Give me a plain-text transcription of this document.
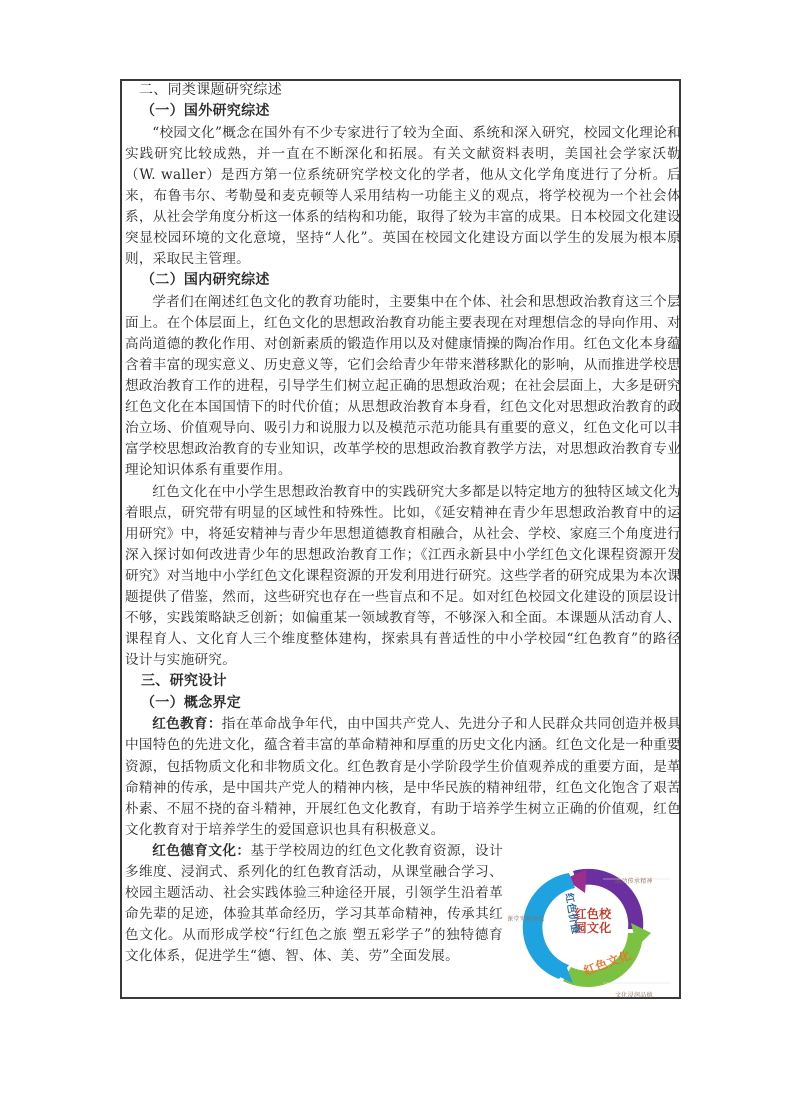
二、同类课题研究综述
（一）国外研究综述

“校园文化”概念在国外有不少专家进行了较为全面、系统和深入研究，校园文化理论和实践研究比较成熟，并一直在不断深化和拓展。有关文献资料表明，美国社会学家沃勒（W. waller）是西方第一位系统研究学校文化的学者，他从文化学角度进行了分析。后来，布鲁韦尔、考勒曼和麦克顿等人采用结构一功能主义的观点，将学校视为一个社会体系，从社会学角度分析这一体系的结构和功能，取得了较为丰富的成果。日本校园文化建设突显校园环境的文化意境，坚持“人化”。英国在校园文化建设方面以学生的发展为根本原则，采取民主管理。

（二）国内研究综述

学者们在阐述红色文化的教育功能时，主要集中在个体、社会和思想政治教育这三个层面上。在个体层面上，红色文化的思想政治教育功能主要表现在对理想信念的导向作用、对高尚道德的教化作用、对创新素质的锻造作用以及对健康情操的陶冶作用。红色文化本身蕴含着丰富的现实意义、历史意义等，它们会给青少年带来潜移默化的影响，从而推进学校思想政治教育工作的进程，引导学生们树立起正确的思想政治观；在社会层面上，大多是研究红色文化在本国国情下的时代价值；从思想政治教育本身看，红色文化对思想政治教育的政治立场、价值观导向、吸引力和说服力以及模范示范功能具有重要的意义，红色文化可以丰富学校思想政治教育的专业知识，改革学校的思想政治教育教学方法，对思想政治教育专业理论知识体系有重要作用。

红色文化在中小学生思想政治教育中的实践研究大多都是以特定地方的独特区域文化为着眼点，研究带有明显的区域性和特殊性。比如，《延安精神在青少年思想政治教育中的运用研究》中，将延安精神与青少年思想道德教育相融合，从社会、学校、家庭三个角度进行深入探讨如何改进青少年的思想政治教育工作；《江西永新县中小学红色文化课程资源开发研究》对当地中小学红色文化课程资源的开发利用进行研究。这些学者的研究成果为本次课题提供了借鉴，然而，这些研究也存在一些盲点和不足。如对红色校园文化建设的顶层设计不够，实践策略缺乏创新；如偏重某一领域教育等，不够深入和全面。本课题从活动育人、课程育人、文化育人三个维度整体建构，探索具有普适性的中小学校园“红色教育”的路径设计与实施研究。

三、研究设计
（一）概念界定

红色教育：指在革命战争年代，由中国共产党人、先进分子和人民群众共同创造并极具中国特色的先进文化，蕴含着丰富的革命精神和厚重的历史文化内涵。红色文化是一种重要资源，包括物质文化和非物质文化。红色教育是小学阶段学生价值观养成的重要方面，是革命精神的传承，是中国共产党人的精神内核，是中华民族的精神纽带，红色文化饱含了艰苦朴素、不屈不挠的奋斗精神，开展红色文化教育，有助于培养学生树立正确的价值观，红色文化教育对于培养学生的爱国意识也具有积极意义。

红色德育文化：基于学校周边的红色文化教育资源，设计多维度、浸润式、系列化的红色教育活动，从课堂融合学习、校园主题活动、社会实践体验三种途径开展，引领学生沿着革命先辈的足迹，体验其革命经历，学习其革命精神，传承其红色文化。从而形成学校“行红色之旅 塑五彩学子”的独特德育文化体系，促进学生“德、智、体、美、劳”全面发展。

活动传承精神
课堂实现价值
文化浸润品德
红色校
园文化
红色价值
红色文化
